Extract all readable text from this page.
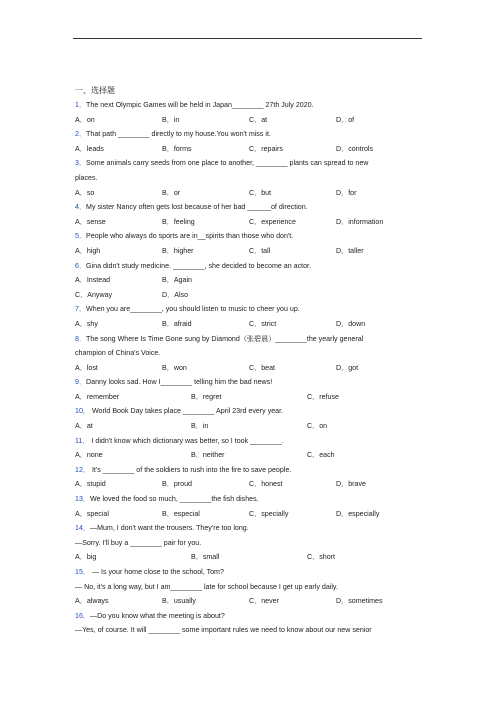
一、选择题
1．The next Olympic Games will be held in Japan________ 27th July 2020.
A．on	B．in	C．at	D．of
2．That path ________ directly to my house.You won't miss it.
A．leads	B．forms	C．repairs	D．controls
3．Some animals carry seeds from one place to another, ________ plants can spread to new
places.
A．so	B．or	C．but	D．for
4．My sister Nancy often gets lost because of her bad ______of direction.
A．sense	B．feeling	C．experience	D．information
5．People who always do sports are in__spirits than those who don't.
A．high	B．higher	C．tall	D．taller
6．Gina didn't study medicine. ________, she decided to become an actor.
A．Instead	B．Again
C．Anyway	D．Also
7．When you are________, you should listen to music to cheer you up.
A．shy	B．afraid	C．strict	D．down
8．The song Where Is Time Gone sung by Diamond（张碧晨）________the yearly general
champion of China's Voice.
A．lost	B．won	C．beat	D．got
9．Danny looks sad. How I________ telling him the bad news!
A．remember	B．regret	C．refuse
10． World Book Day takes place ________ April 23rd every year.
A．at	B．in	C．on
11． I didn't know which dictionary was better, so I took ________.
A．none	B．neither	C．each
12． It's ________ of the soldiers to rush into the fire to save people.
A．stupid	B．proud	C．honest	D．brave
13．We loved the food so much, ________the fish dishes.
A．special	B．especial	C．specially	D．especially
14．—Mum, I don't want the trousers. They're too long.
—Sorry. I'll buy a ________ pair for you.
A．big	B．small	C．short
15． — Is your home close to the school, Tom?
— No, it's a long way, but I am________ late for school because I get up early daily.
A．always	B．usually	C．never	D．sometimes
16．—Do you know what the meeting is about?
—Yes, of course. It will ________ some important rules we need to know about our new senior
